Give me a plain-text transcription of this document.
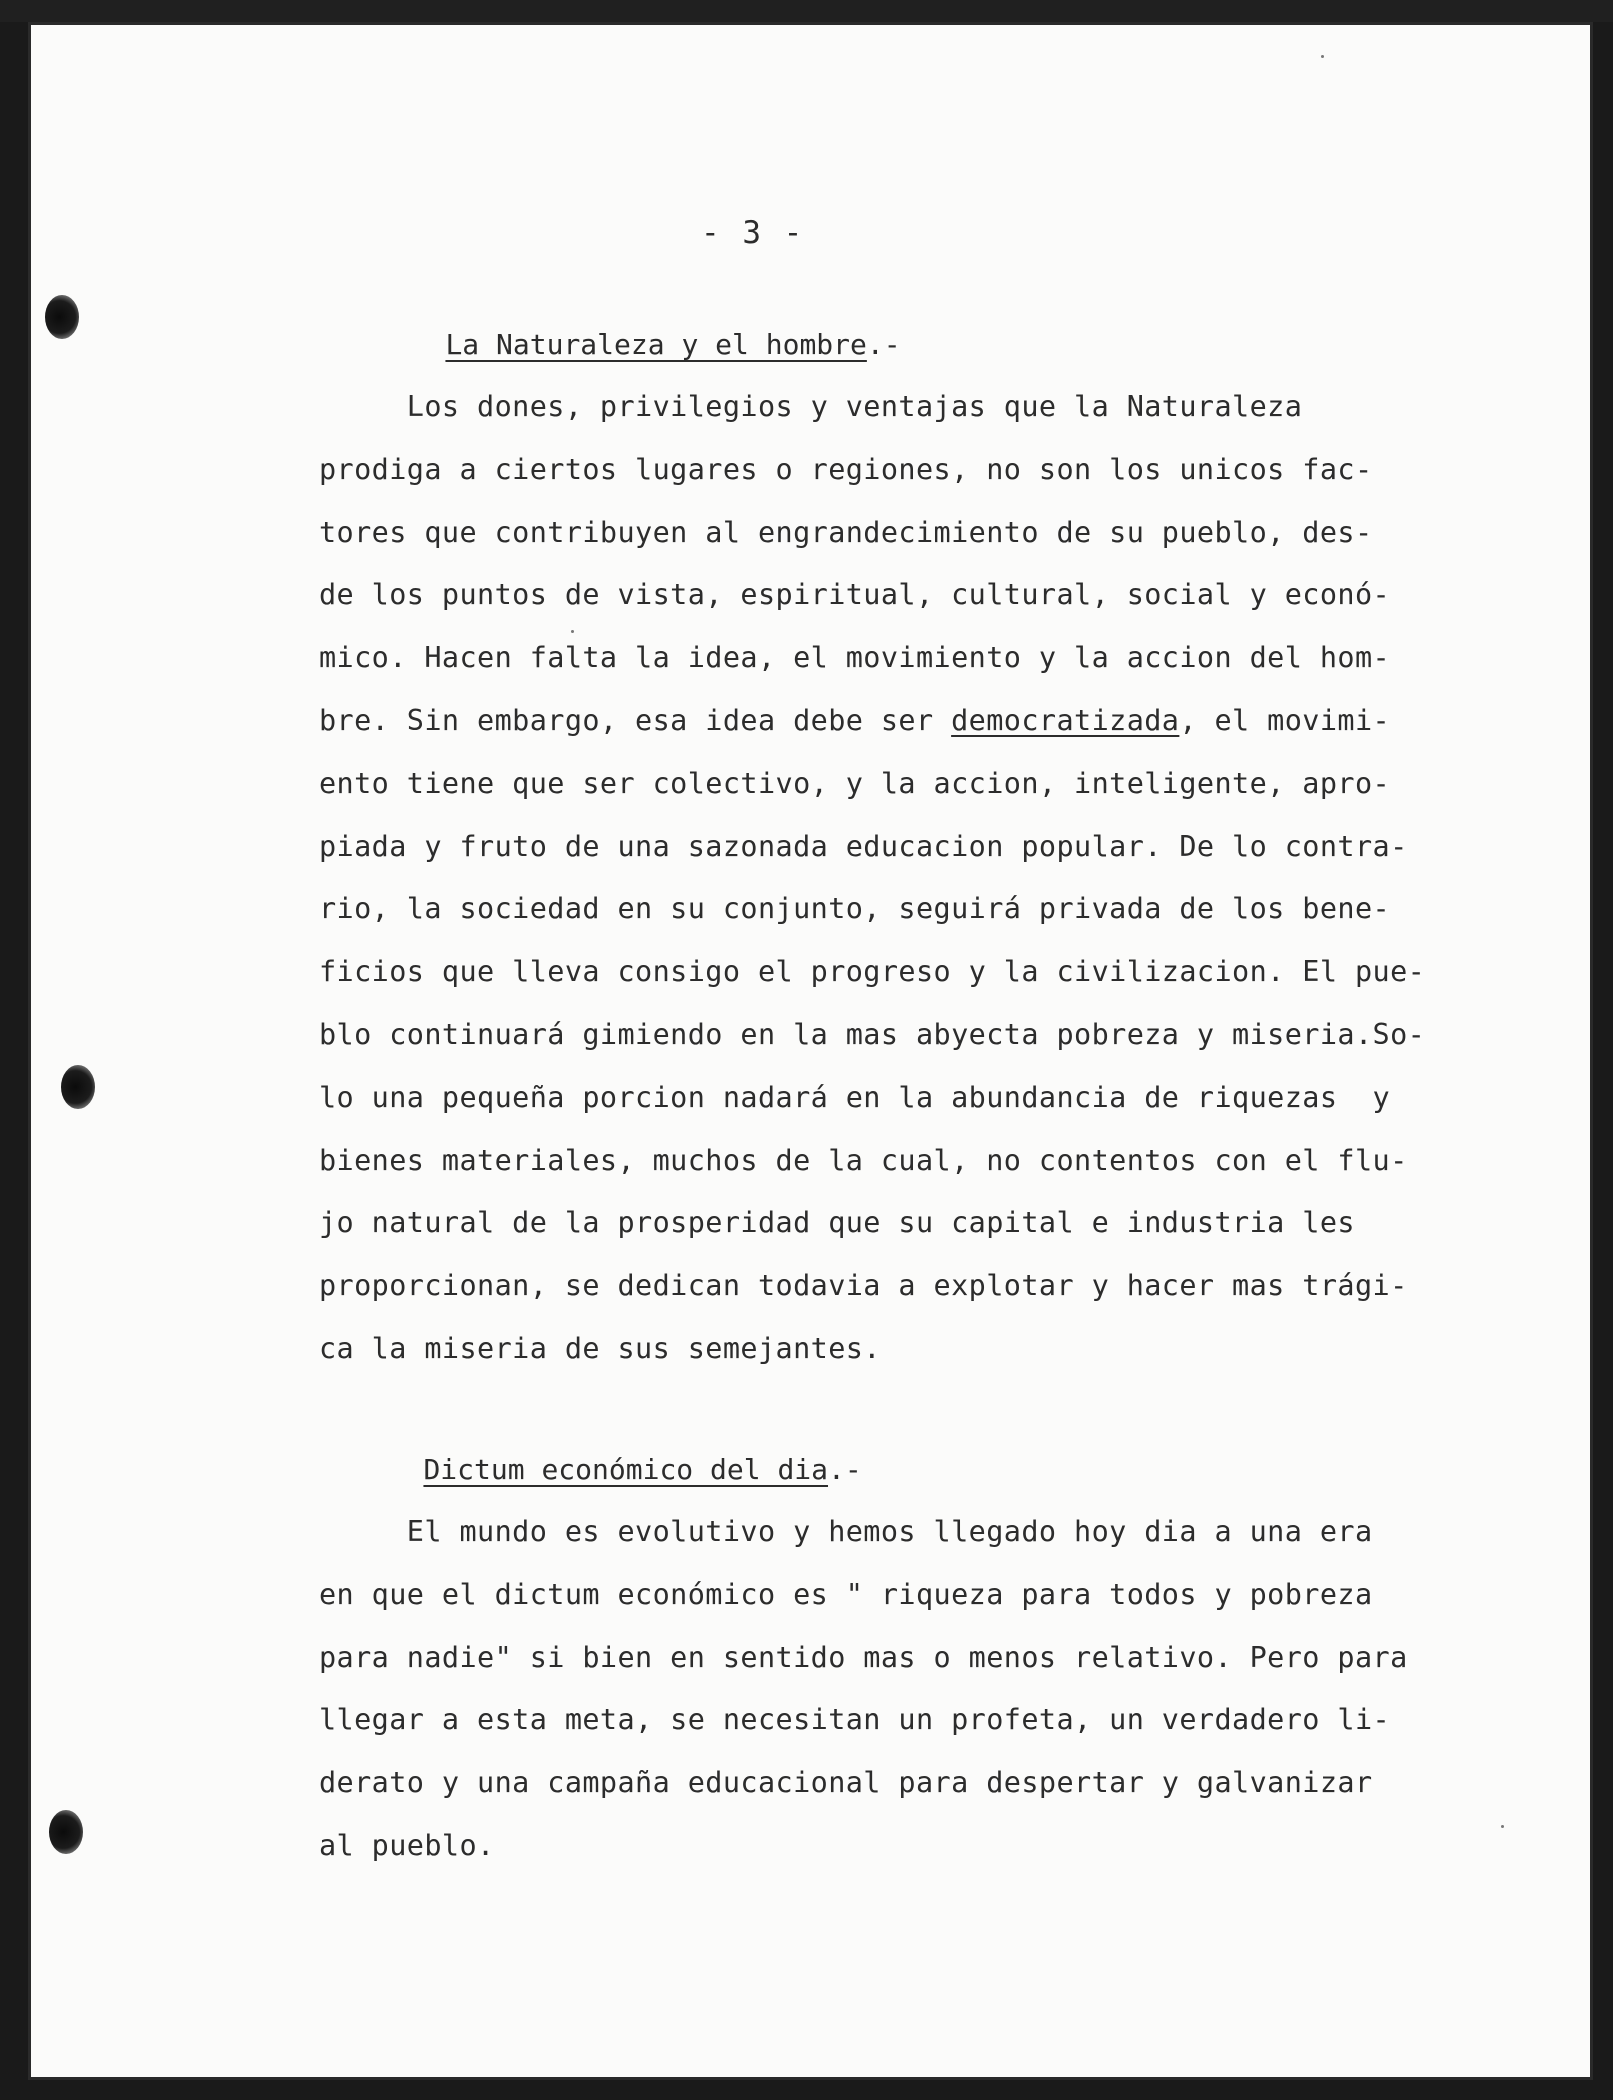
- 3 -

La Naturaleza y el hombre.-

Los dones, privilegios y ventajas que la Naturaleza
prodiga a ciertos lugares o regiones, no son los unicos fac-
tores que contribuyen al engrandecimiento de su pueblo, des-
de los puntos de vista, espiritual, cultural, social y econó-
mico. Hacen falta la idea, el movimiento y la accion del hom-
bre. Sin embargo, esa idea debe ser democratizada, el movimi-
ento tiene que ser colectivo, y la accion, inteligente, apro-
piada y fruto de una sazonada educacion popular. De lo contra-
rio, la sociedad en su conjunto, seguirá privada de los bene-
ficios que lleva consigo el progreso y la civilizacion. El pue-
blo continuará gimiendo en la mas abyecta pobreza y miseria.So-
lo una pequeña porcion nadará en la abundancia de riquezas  y
bienes materiales, muchos de la cual, no contentos con el flu-
jo natural de la prosperidad que su capital e industria les
proporcionan, se dedican todavia a explotar y hacer mas trági-
ca la miseria de sus semejantes.

Dictum económico del dia.-

El mundo es evolutivo y hemos llegado hoy dia a una era
en que el dictum económico es " riqueza para todos y pobreza
para nadie" si bien en sentido mas o menos relativo. Pero para
llegar a esta meta, se necesitan un profeta, un verdadero li-
derato y una campaña educacional para despertar y galvanizar
al pueblo.
